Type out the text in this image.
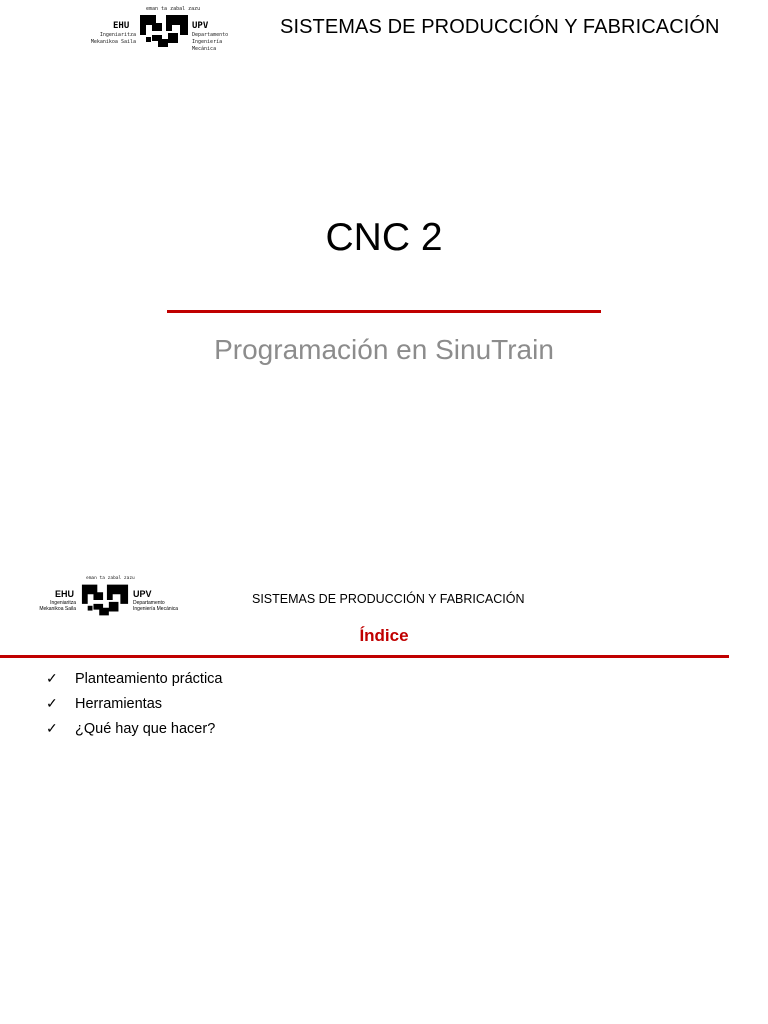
eman ta zabal zazu
EHU
Ingeniaritza
Mekanikoa Saila
UPV
Departamento
Ingeniería
Mecánica
SISTEMAS DE PRODUCCIÓN Y FABRICACIÓN
CNC 2
Programación en SinuTrain
eman ta zabal zazu
EHU
Ingeniaritza
Mekanikoa Saila
UPV
Departamento
Ingeniería Mecánica
SISTEMAS DE PRODUCCIÓN Y FABRICACIÓN
Índice
✓	Planteamiento práctica
✓	Herramientas
✓	¿Qué hay que hacer?
